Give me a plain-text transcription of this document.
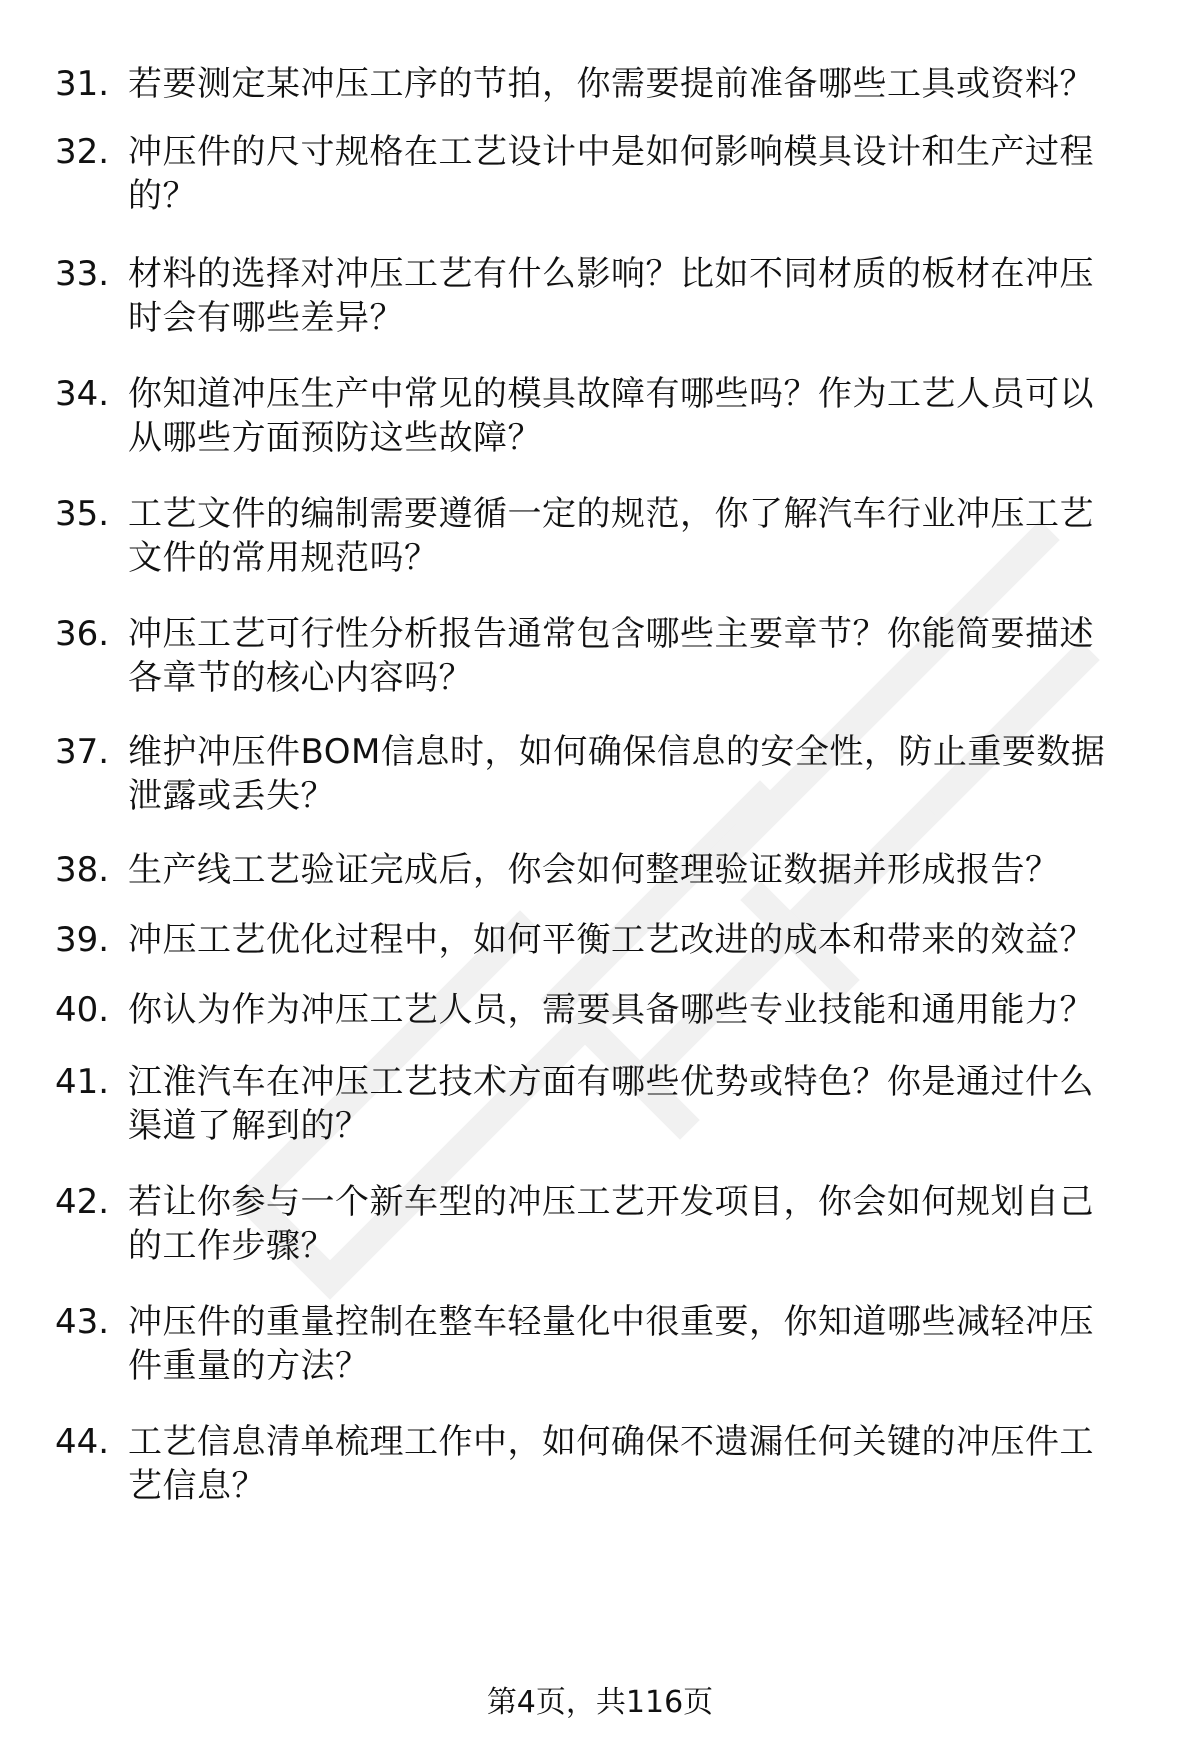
31. 若要测定某冲压工序的节拍，你需要提前准备哪些工具或资料？
32. 冲压件的尺寸规格在工艺设计中是如何影响模具设计和生产过程
的？
33. 材料的选择对冲压工艺有什么影响？比如不同材质的板材在冲压
时会有哪些差异？
34. 你知道冲压生产中常见的模具故障有哪些吗？作为工艺人员可以
从哪些方面预防这些故障？
35. 工艺文件的编制需要遵循一定的规范，你了解汽车行业冲压工艺
文件的常用规范吗？
36. 冲压工艺可行性分析报告通常包含哪些主要章节？你能简要描述
各章节的核心内容吗？
37. 维护冲压件BOM信息时，如何确保信息的安全性，防止重要数据
泄露或丢失？
38. 生产线工艺验证完成后，你会如何整理验证数据并形成报告？
39. 冲压工艺优化过程中，如何平衡工艺改进的成本和带来的效益？
40. 你认为作为冲压工艺人员，需要具备哪些专业技能和通用能力？
41. 江淮汽车在冲压工艺技术方面有哪些优势或特色？你是通过什么
渠道了解到的？
42. 若让你参与一个新车型的冲压工艺开发项目，你会如何规划自己
的工作步骤？
43. 冲压件的重量控制在整车轻量化中很重要，你知道哪些减轻冲压
件重量的方法？
44. 工艺信息清单梳理工作中，如何确保不遗漏任何关键的冲压件工
艺信息？
第4页，共116页
